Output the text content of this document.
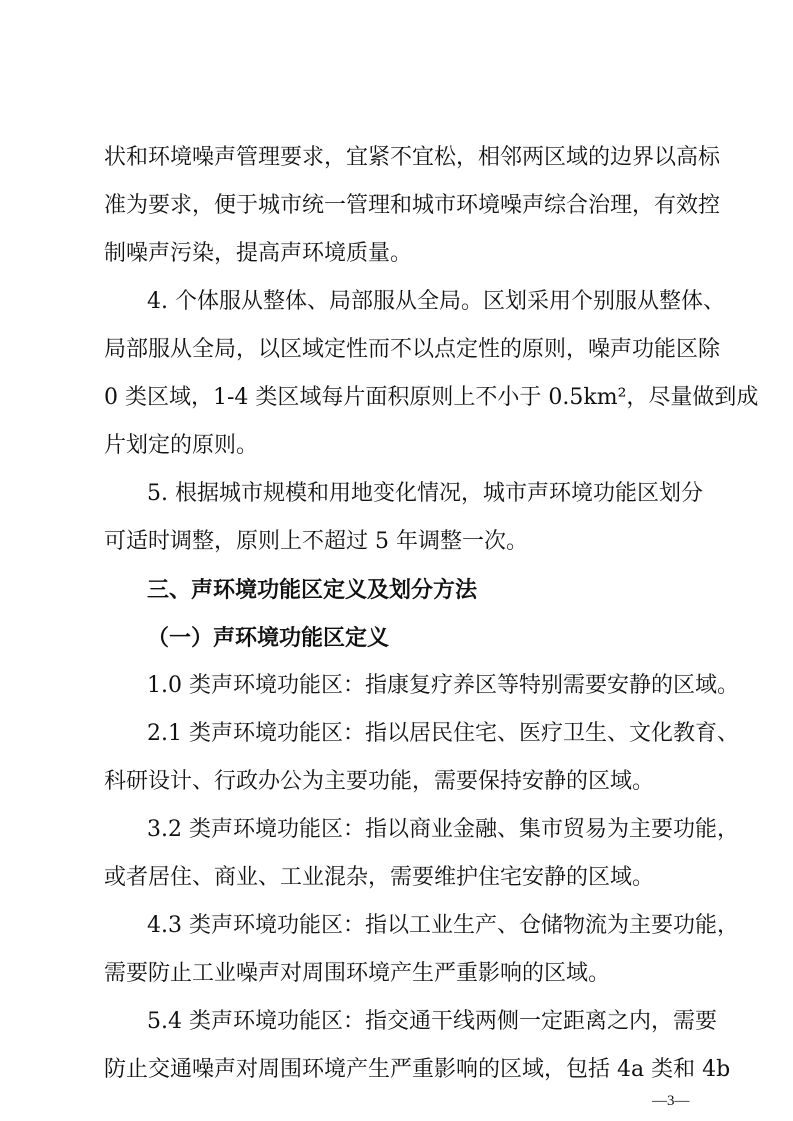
状和环境噪声管理要求，宜紧不宜松，相邻两区域的边界以高标
准为要求，便于城市统一管理和城市环境噪声综合治理，有效控
制噪声污染，提高声环境质量。
4. 个体服从整体、局部服从全局。区划采用个别服从整体、
局部服从全局，以区域定性而不以点定性的原则，噪声功能区除
0 类区域，1-4 类区域每片面积原则上不小于 0.5km²，尽量做到成
片划定的原则。
5. 根据城市规模和用地变化情况，城市声环境功能区划分
可适时调整，原则上不超过 5 年调整一次。
三、声环境功能区定义及划分方法
（一）声环境功能区定义
1.0 类声环境功能区：指康复疗养区等特别需要安静的区域。
2.1 类声环境功能区：指以居民住宅、医疗卫生、文化教育、
科研设计、行政办公为主要功能，需要保持安静的区域。
3.2 类声环境功能区：指以商业金融、集市贸易为主要功能，
或者居住、商业、工业混杂，需要维护住宅安静的区域。
4.3 类声环境功能区：指以工业生产、仓储物流为主要功能，
需要防止工业噪声对周围环境产生严重影响的区域。
5.4 类声环境功能区：指交通干线两侧一定距离之内，需要
防止交通噪声对周围环境产生严重影响的区域，包括 4a 类和 4b
—3—
